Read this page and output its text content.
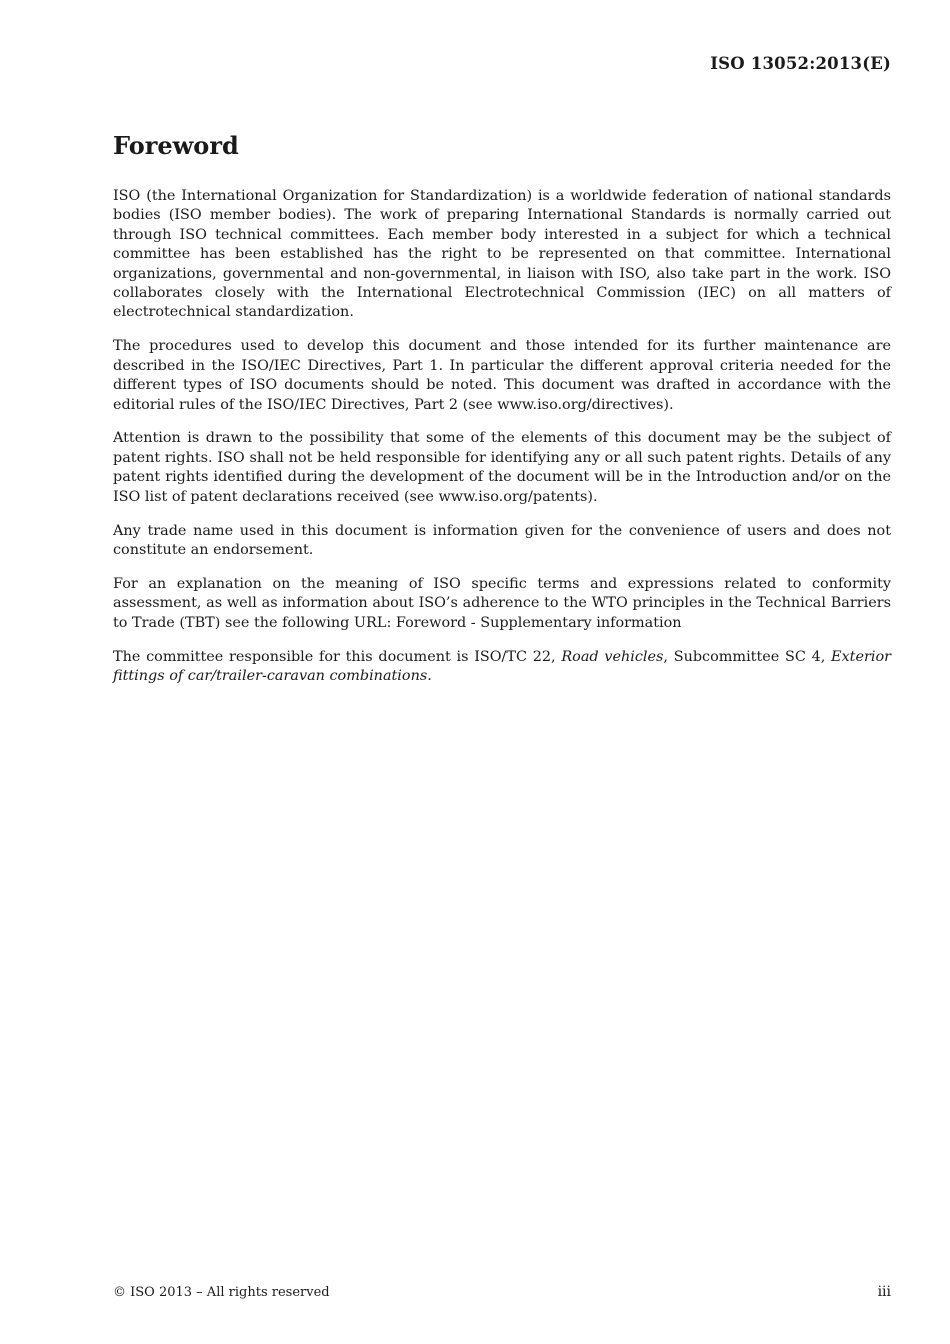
ISO 13052:2013(E)
Foreword

ISO (the International Organization for Standardization) is a worldwide federation of national standards bodies (ISO member bodies). The work of preparing International Standards is normally carried out through ISO technical committees. Each member body interested in a subject for which a technical committee has been established has the right to be represented on that committee. International organizations, governmental and non-governmental, in liaison with ISO, also take part in the work. ISO collaborates closely with the International Electrotechnical Commission (IEC) on all matters of electrotechnical standardization.

The procedures used to develop this document and those intended for its further maintenance are described in the ISO/IEC Directives, Part 1. In particular the different approval criteria needed for the different types of ISO documents should be noted. This document was drafted in accordance with the editorial rules of the ISO/IEC Directives, Part 2 (see www.iso.org/directives).

Attention is drawn to the possibility that some of the elements of this document may be the subject of patent rights. ISO shall not be held responsible for identifying any or all such patent rights. Details of any patent rights identified during the development of the document will be in the Introduction and/or on the ISO list of patent declarations received (see www.iso.org/patents).

Any trade name used in this document is information given for the convenience of users and does not constitute an endorsement.

For an explanation on the meaning of ISO specific terms and expressions related to conformity assessment, as well as information about ISO’s adherence to the WTO principles in the Technical Barriers to Trade (TBT) see the following URL: Foreword - Supplementary information

The committee responsible for this document is ISO/TC 22, Road vehicles, Subcommittee SC 4, Exterior fittings of car/trailer-caravan combinations.

© ISO 2013 – All rights reserved	iii
